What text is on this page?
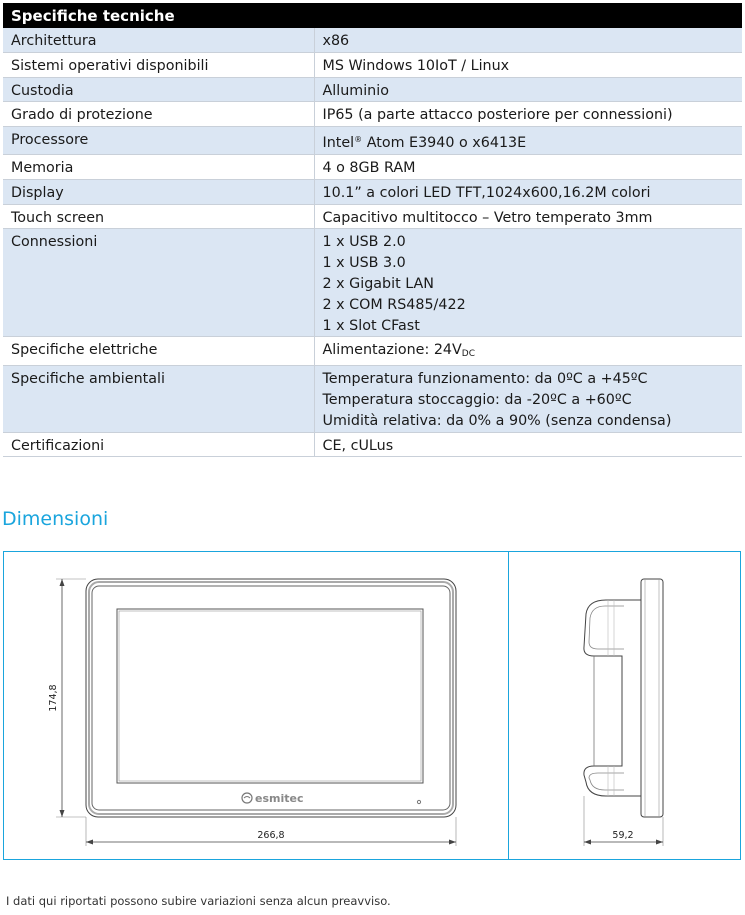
Specifiche tecniche
Architettura	x86

Sistemi operativi disponibili	MS Windows 10IoT / Linux

Custodia	Alluminio

Grado di protezione	IP65 (a parte attacco posteriore per connessioni)

Processore	Intel® Atom E3940 o x6413E
Memoria	4 o 8GB RAM

Display	10.1” a colori LED TFT,1024x600,16.2M colori

Touch screen	Capacitivo multitocco – Vetro temperato 3mm

Connessioni	1 x USB 2.0
1 x USB 3.0
2 x Gigabit LAN
2 x COM RS485/422
1 x Slot CFast

Specifiche elettriche	Alimentazione: $24V_{DC}$
Specifiche ambientali	Temperatura funzionamento: da 0ºC a +45ºC
Temperatura stoccaggio: da -20ºC a +60ºC
Umidità relativa: da 0% a 90% (senza condensa)

Certificazioni	CE, cULus
Dimensioni
esmitec
174,8
266,8	59,2
I dati qui riportati possono subire variazioni senza alcun preavviso.
